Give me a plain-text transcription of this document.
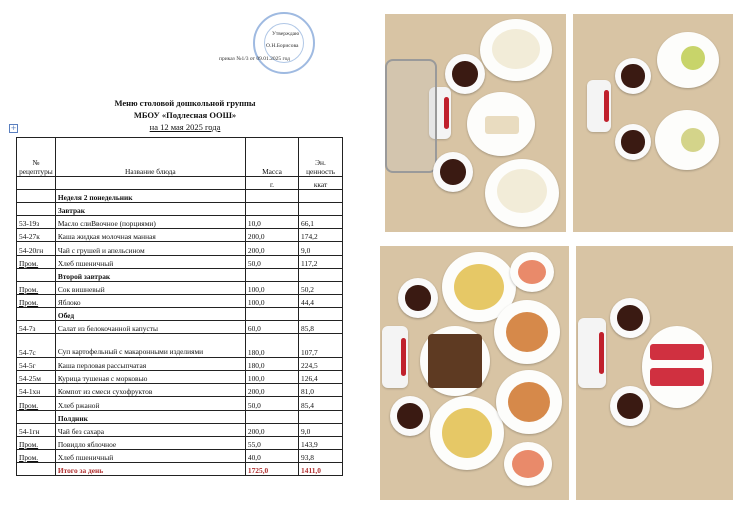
Утверждаю
О.Н.Борисова
приказ №1/3 от 09.01.2025 год
Меню столовой дошкольной группы
МБОУ «Подлесная ООШ»
на 12 мая 2025 года
+
№ рецептуры	Название блюда	Масса	Эн. ценность
		г.	ккат
	Неделя 2 понедельник		
	Завтрак		
53-19з	Масло слиВвочное (порциями)	10,0	66,1
54-27к	Каша жидкая молочная манная	200,0	174,2
54-20гн	Чай с грушей и апельсином	200,0	9,0
Пром.	Хлеб пшеничный	50,0	117,2
	Второй завтрак		
Пром.	Сок вишневый	100,0	50,2
Пром.	Яблоко	100,0	44,4
	Обед		
54-7з	Салат из белокочанной капусты	60,0	85,8
54-7с	Суп картофельный с макаронными изделиями	180,0	107,7
54-5г	Каша перловая рассыпчатая	180,0	224,5
54-25м	Курица тушеная с морковью	100,0	126,4
54-1хн	Компот из смеси сухофруктов	200,0	81,0
Пром.	Хлеб ржаной	50,0	85,4
	Полдник		
54-1гн	Чай без сахара	200,0	9,0
Пром.	Повидло яблочное	55,0	143,9
Пром.	Хлеб пшеничный	40,0	93,8
	Итого за день	1725,0	1411,0
